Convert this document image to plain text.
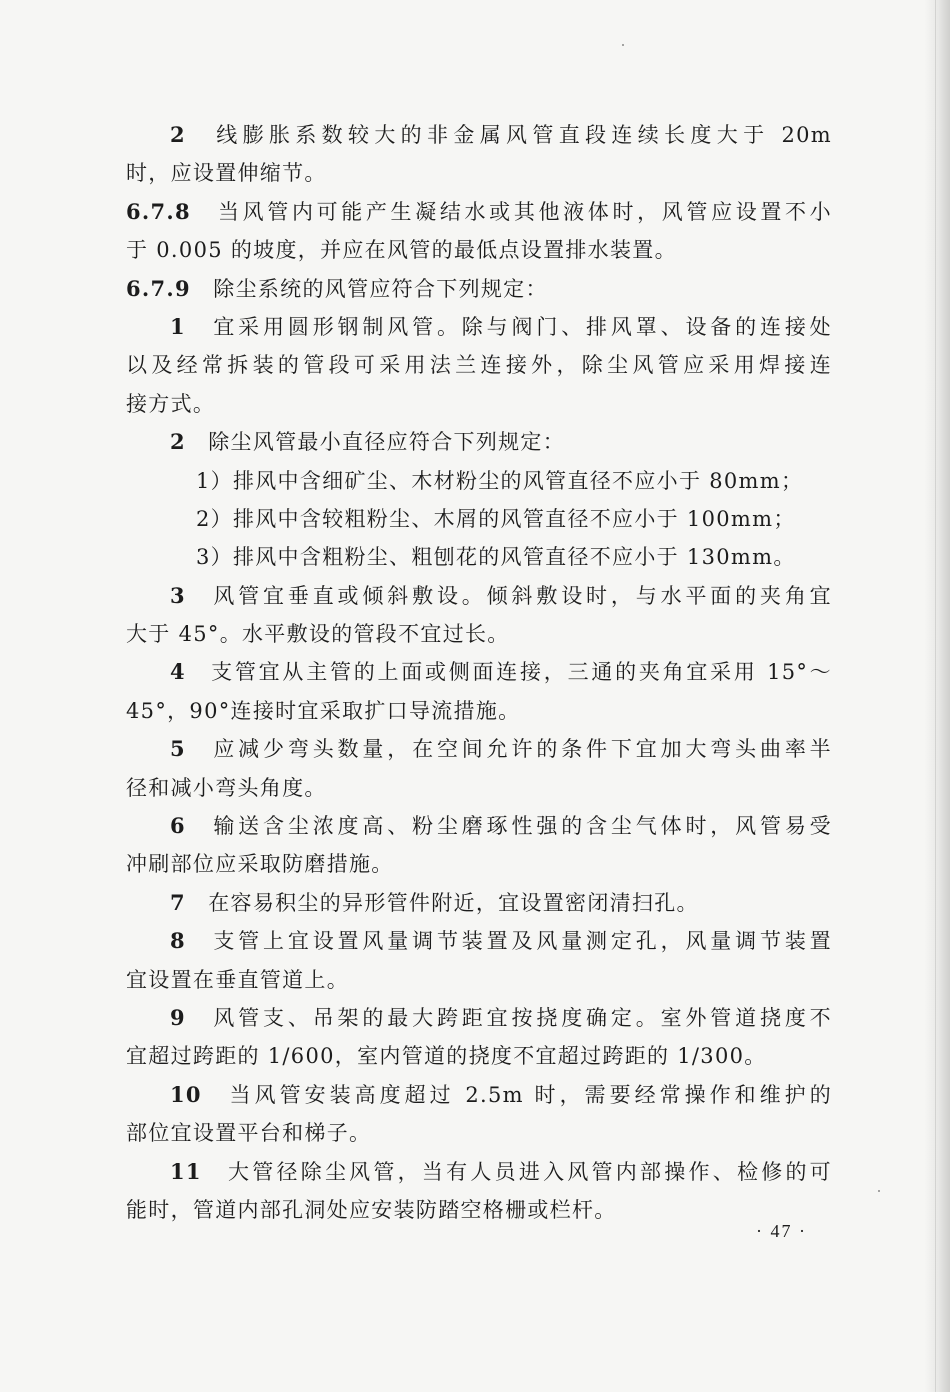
2　线膨胀系数较大的非金属风管直段连续长度大于 20m
时，应设置伸缩节。
6.7.8　当风管内可能产生凝结水或其他液体时，风管应设置不小
于 0.005 的坡度，并应在风管的最低点设置排水装置。
6.7.9　除尘系统的风管应符合下列规定：
1　宜采用圆形钢制风管。除与阀门、排风罩、设备的连接处
以及经常拆装的管段可采用法兰连接外，除尘风管应采用焊接连
接方式。
2　除尘风管最小直径应符合下列规定：
1）排风中含细矿尘、木材粉尘的风管直径不应小于 80mm；
2）排风中含较粗粉尘、木屑的风管直径不应小于 100mm；
3）排风中含粗粉尘、粗刨花的风管直径不应小于 130mm。
3　风管宜垂直或倾斜敷设。倾斜敷设时，与水平面的夹角宜
大于 45°。水平敷设的管段不宜过长。
4　支管宜从主管的上面或侧面连接，三通的夹角宜采用 15°～
45°，90°连接时宜采取扩口导流措施。
5　应减少弯头数量，在空间允许的条件下宜加大弯头曲率半
径和减小弯头角度。
6　输送含尘浓度高、粉尘磨琢性强的含尘气体时，风管易受
冲刷部位应采取防磨措施。
7　在容易积尘的异形管件附近，宜设置密闭清扫孔。
8　支管上宜设置风量调节装置及风量测定孔，风量调节装置
宜设置在垂直管道上。
9　风管支、吊架的最大跨距宜按挠度确定。室外管道挠度不
宜超过跨距的 1/600，室内管道的挠度不宜超过跨距的 1/300。
10　当风管安装高度超过 2.5m 时，需要经常操作和维护的
部位宜设置平台和梯子。
11　大管径除尘风管，当有人员进入风管内部操作、检修的可
能时，管道内部孔洞处应安装防踏空格栅或栏杆。
· 47 ·
